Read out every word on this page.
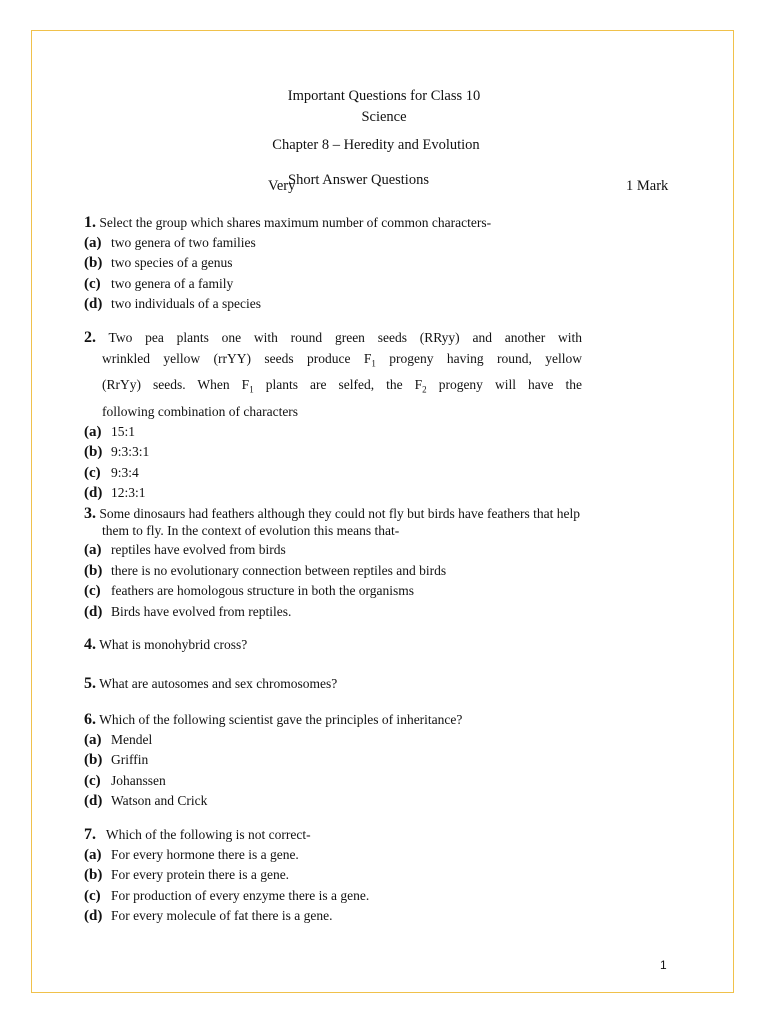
Important Questions for Class 10
Science
Chapter 8 – Heredity and Evolution
Very
Short Answer Questions	1 Mark
1. Select the group which shares maximum number of common characters-
(a) two genera of two families
(b) two species of a genus
(c) two genera of a family
(d) two individuals of a species
2. Two pea plants one with round green seeds (RRyy) and another with
wrinkled yellow (rrYY) seeds produce $F_1$ progeny having round, yellow
(RrYy) seeds. When $F_1$ plants are selfed, the $F_2$ progeny will have the
following combination of characters
(a) 15:1
(b) 9:3:3:1
(c) 9:3:4
(d) 12:3:1
3. Some dinosaurs had feathers although they could not fly but birds have feathers that help
them to fly. In the context of evolution this means that-
(a) reptiles have evolved from birds
(b) there is no evolutionary connection between reptiles and birds
(c) feathers are homologous structure in both the organisms
(d) Birds have evolved from reptiles.
4. What is monohybrid cross?
5. What are autosomes and sex chromosomes?
6. Which of the following scientist gave the principles of inheritance?
(a) Mendel
(b) Griffin
(c) Johanssen
(d) Watson and Crick
7. Which of the following is not correct-
(a) For every hormone there is a gene.
(b) For every protein there is a gene.
(c) For production of every enzyme there is a gene.
(d) For every molecule of fat there is a gene.
1
